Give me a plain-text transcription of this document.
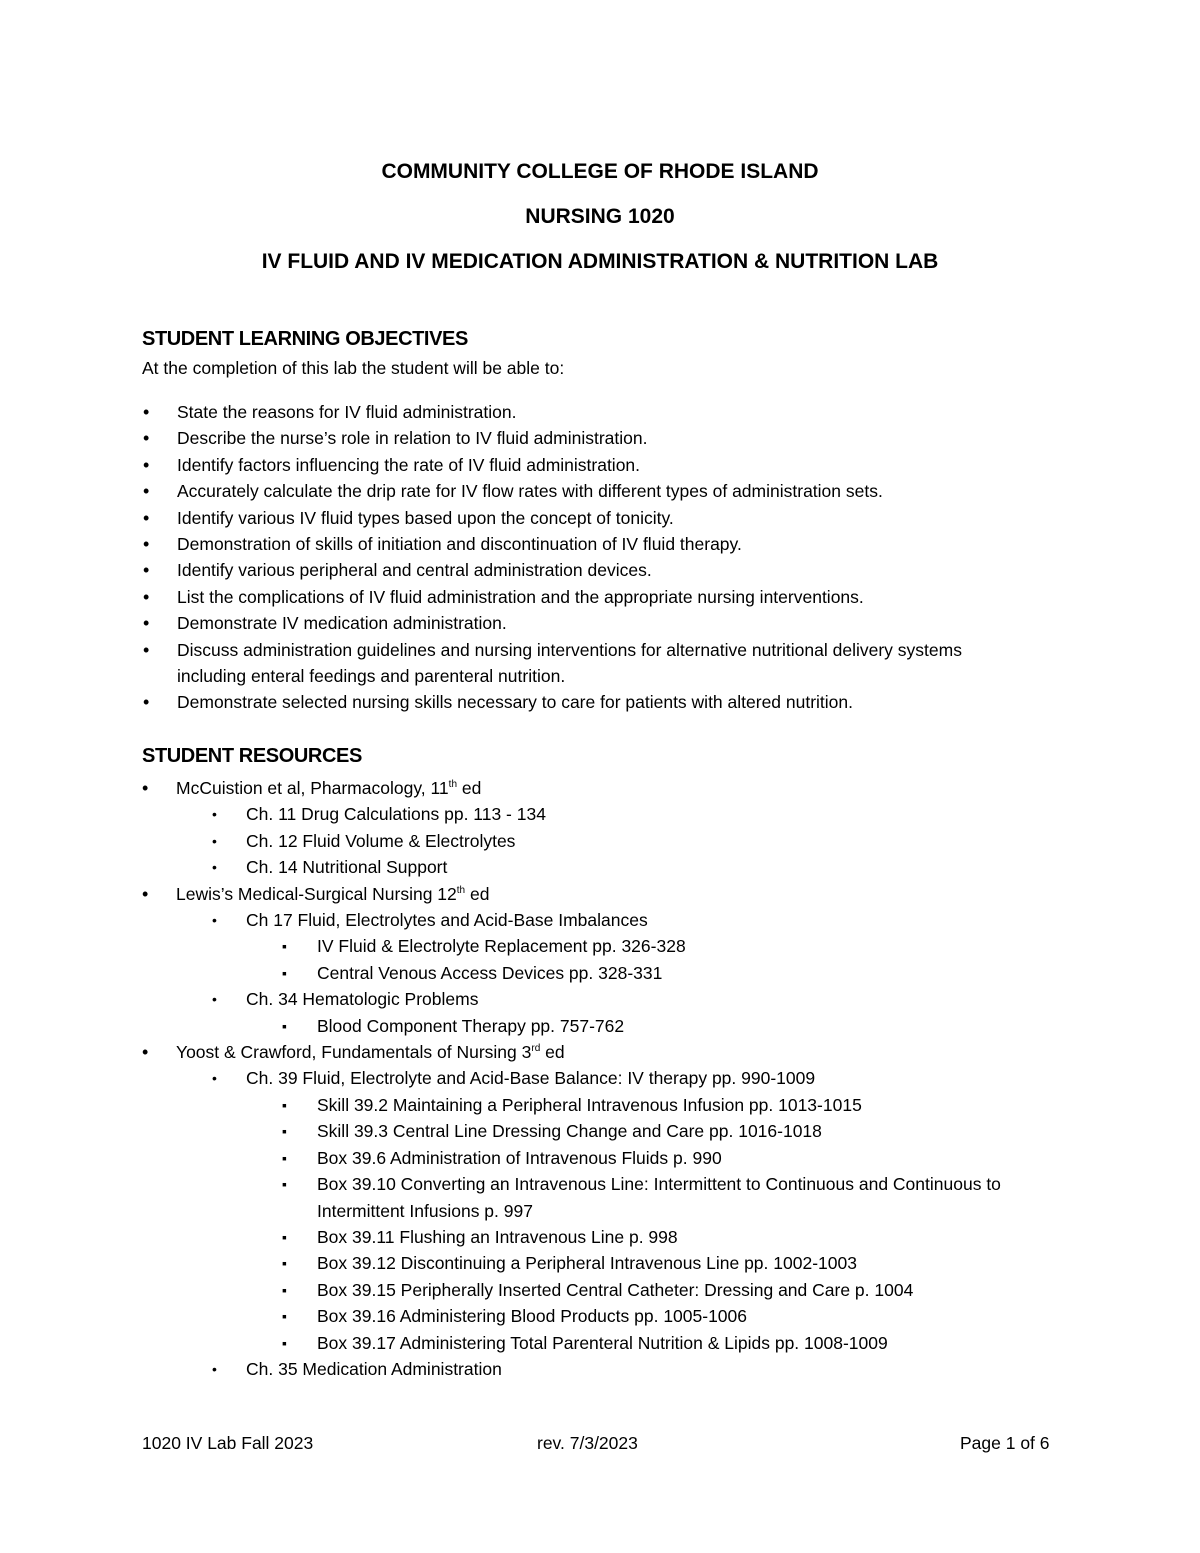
COMMUNITY COLLEGE OF RHODE ISLAND
NURSING 1020
IV FLUID AND IV MEDICATION ADMINISTRATION & NUTRITION LAB
STUDENT LEARNING OBJECTIVES
At the completion of this lab the student will be able to:
• State the reasons for IV fluid administration.
• Describe the nurse’s role in relation to IV fluid administration.
• Identify factors influencing the rate of IV fluid administration.
• Accurately calculate the drip rate for IV flow rates with different types of administration sets.
• Identify various IV fluid types based upon the concept of tonicity.
• Demonstration of skills of initiation and discontinuation of IV fluid therapy.
• Identify various peripheral and central administration devices.
• List the complications of IV fluid administration and the appropriate nursing interventions.
• Demonstrate IV medication administration.
• Discuss administration guidelines and nursing interventions for alternative nutritional delivery systems including enteral feedings and parenteral nutrition.
• Demonstrate selected nursing skills necessary to care for patients with altered nutrition.
STUDENT RESOURCES
• McCuistion et al, Pharmacology, 11th ed
• Ch. 11 Drug Calculations pp. 113 - 134
• Ch. 12 Fluid Volume & Electrolytes
• Ch. 14 Nutritional Support
• Lewis’s Medical-Surgical Nursing 12th ed
• Ch 17 Fluid, Electrolytes and Acid-Base Imbalances
▪ IV Fluid & Electrolyte Replacement pp. 326-328
▪ Central Venous Access Devices pp. 328-331
• Ch. 34 Hematologic Problems
▪ Blood Component Therapy pp. 757-762
• Yoost & Crawford, Fundamentals of Nursing 3rd ed
• Ch. 39 Fluid, Electrolyte and Acid-Base Balance: IV therapy pp. 990-1009
▪ Skill 39.2 Maintaining a Peripheral Intravenous Infusion pp. 1013-1015
▪ Skill 39.3 Central Line Dressing Change and Care pp. 1016-1018
▪ Box 39.6 Administration of Intravenous Fluids p. 990
▪ Box 39.10 Converting an Intravenous Line: Intermittent to Continuous and Continuous to Intermittent Infusions p. 997
▪ Box 39.11 Flushing an Intravenous Line p. 998
▪ Box 39.12 Discontinuing a Peripheral Intravenous Line pp. 1002-1003
▪ Box 39.15 Peripherally Inserted Central Catheter: Dressing and Care p. 1004
▪ Box 39.16 Administering Blood Products pp. 1005-1006
▪ Box 39.17 Administering Total Parenteral Nutrition & Lipids pp. 1008-1009
• Ch. 35 Medication Administration
1020 IV Lab Fall 2023	rev. 7/3/2023	Page 1 of 6
